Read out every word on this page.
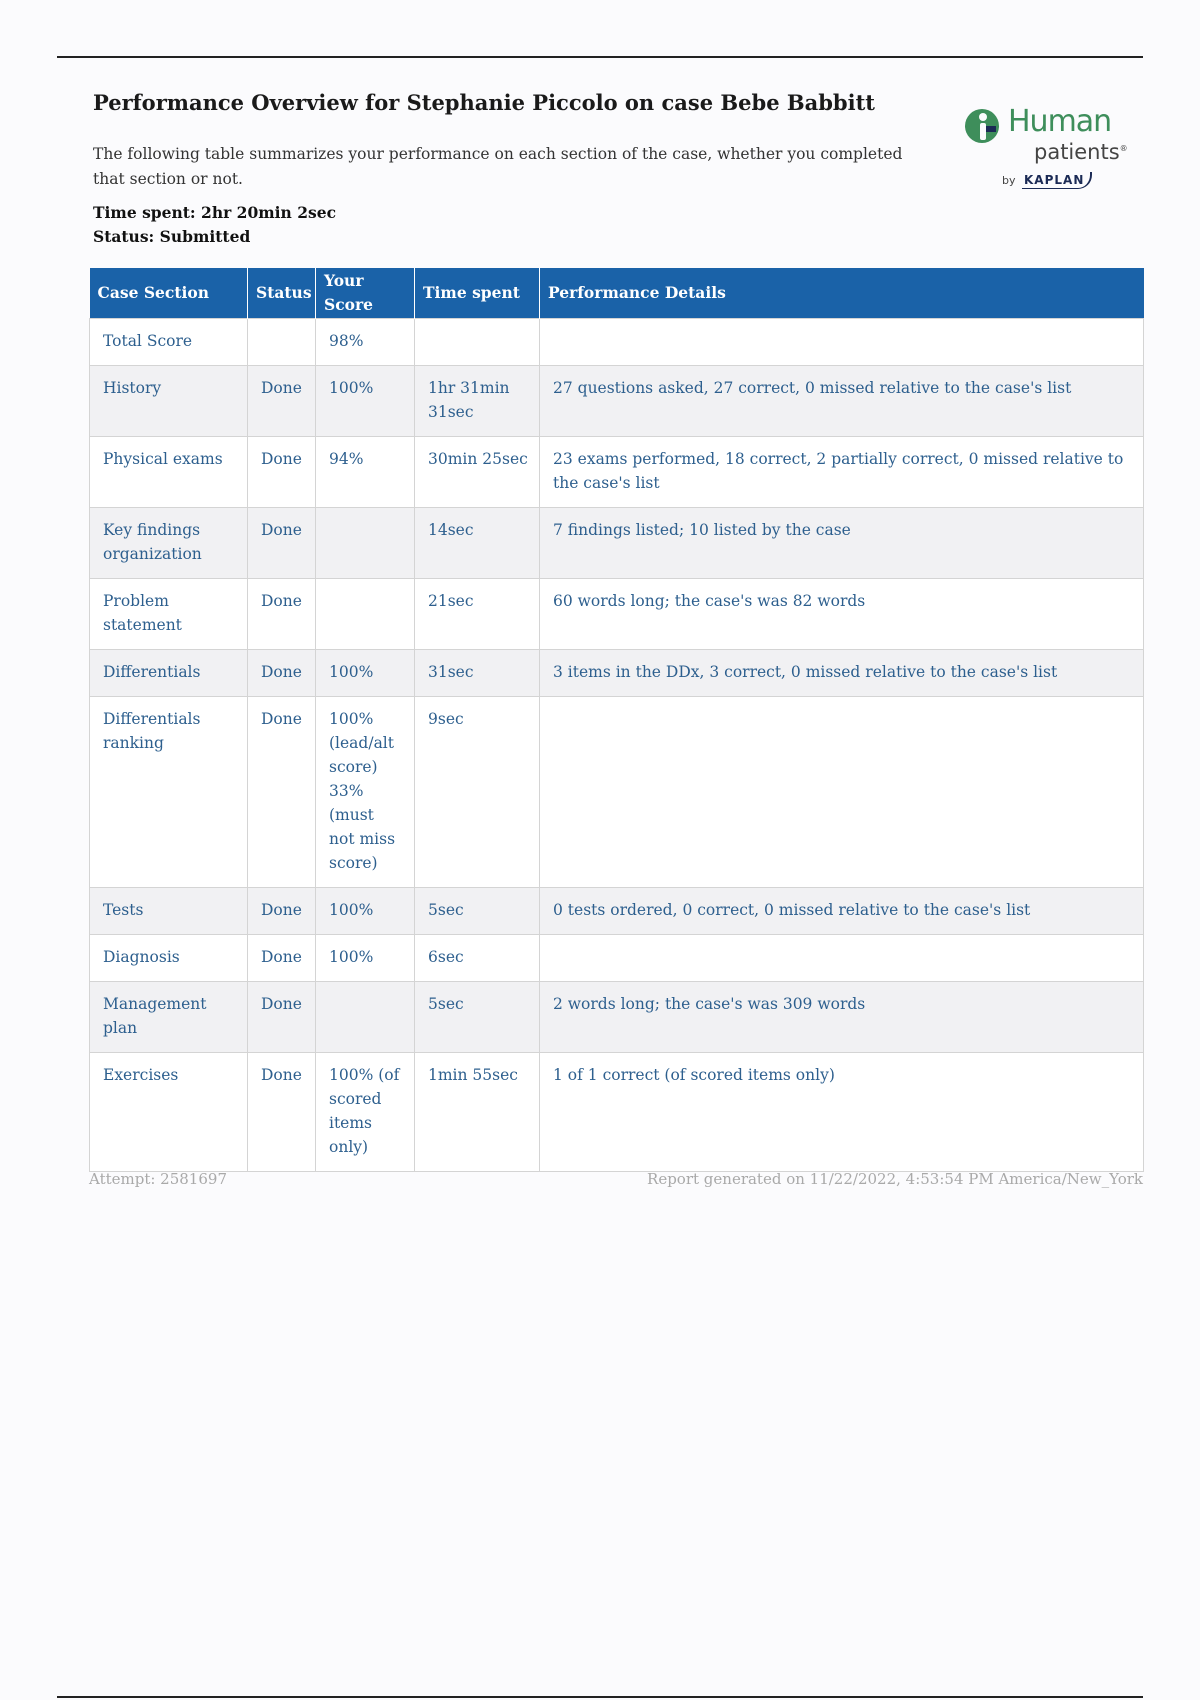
Performance Overview for Stephanie Piccolo on case Bebe Babbitt

The following table summarizes your performance on each section of the case, whether you completed that section or not.

Time spent: 2hr 20min 2sec
Status: Submitted
Human
patients®
by KAPLAN
Case Section	Status	Your Score	Time spent	Performance Details
Total Score		98%		
History	Done	100%	1hr 31min 31sec	27 questions asked, 27 correct, 0 missed relative to the case's list
Physical exams	Done	94%	30min 25sec	23 exams performed, 18 correct, 2 partially correct, 0 missed relative to the case's list
Key findings organization	Done		14sec	7 findings listed; 10 listed by the case
Problem statement	Done		21sec	60 words long; the case's was 82 words
Differentials	Done	100%	31sec	3 items in the DDx, 3 correct, 0 missed relative to the case's list
Differentials ranking	Done	100% (lead/alt score) 33% (must not miss score)	9sec	
Tests	Done	100%	5sec	0 tests ordered, 0 correct, 0 missed relative to the case's list
Diagnosis	Done	100%	6sec	
Management plan	Done		5sec	2 words long; the case's was 309 words
Exercises	Done	100% (of scored items only)	1min 55sec	1 of 1 correct (of scored items only)
Attempt: 2581697	Report generated on 11/22/2022, 4:53:54 PM America/New_York
